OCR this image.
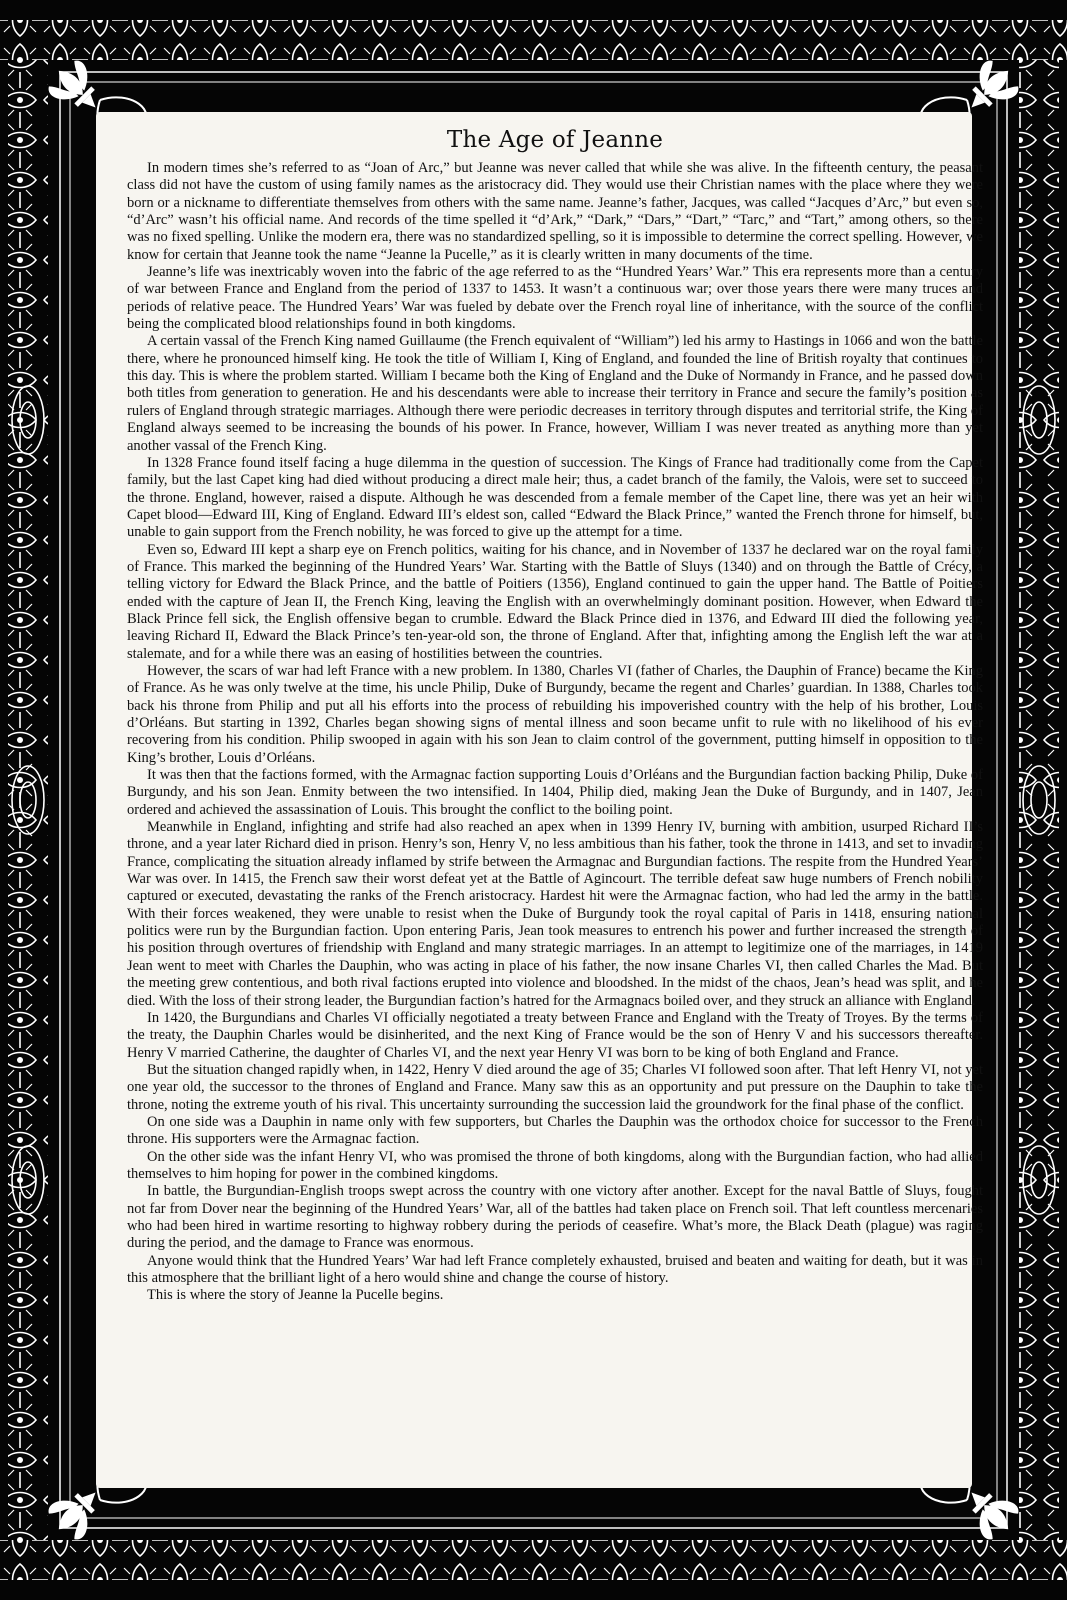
The Age of Jeanne

In modern times she’s referred to as “Joan of Arc,” but Jeanne was never called that while she was alive. In the fifteenth century, the peasant class did not have the custom of using family names as the aristocracy did. They would use their Christian names with the place where they were born or a nickname to differentiate themselves from others with the same name. Jeanne’s father, Jacques, was called “Jacques d’Arc,” but even so, “d’Arc” wasn’t his official name. And records of the time spelled it “d’Ark,” “Dark,” “Dars,” “Dart,” “Tarc,” and “Tart,” among others, so there was no fixed spelling. Unlike the modern era, there was no standardized spelling, so it is impossible to determine the correct spelling. However, we know for certain that Jeanne took the name “Jeanne la Pucelle,” as it is clearly written in many documents of the time.

Jeanne’s life was inextricably woven into the fabric of the age referred to as the “Hundred Years’ War.” This era represents more than a century of war between France and England from the period of 1337 to 1453. It wasn’t a continuous war; over those years there were many truces and periods of relative peace. The Hundred Years’ War was fueled by debate over the French royal line of inheritance, with the source of the conflict being the complicated blood relationships found in both kingdoms.

A certain vassal of the French King named Guillaume (the French equivalent of “William”) led his army to Hastings in 1066 and won the battle there, where he pronounced himself king. He took the title of William I, King of England, and founded the line of British royalty that continues to this day. This is where the problem started. William I became both the King of England and the Duke of Normandy in France, and he passed down both titles from generation to generation. He and his descendants were able to increase their territory in France and secure the family’s position as rulers of England through strategic marriages. Although there were periodic decreases in territory through disputes and territorial strife, the King of England always seemed to be increasing the bounds of his power. In France, however, William I was never treated as anything more than yet another vassal of the French King.

In 1328 France found itself facing a huge dilemma in the question of succession. The Kings of France had traditionally come from the Capet family, but the last Capet king had died without producing a direct male heir; thus, a cadet branch of the family, the Valois, were set to succeed to the throne. England, however, raised a dispute. Although he was descended from a female member of the Capet line, there was yet an heir with Capet blood—Edward III, King of England. Edward III’s eldest son, called “Edward the Black Prince,” wanted the French throne for himself, but, unable to gain support from the French nobility, he was forced to give up the attempt for a time.

Even so, Edward III kept a sharp eye on French politics, waiting for his chance, and in November of 1337 he declared war on the royal family of France. This marked the beginning of the Hundred Years’ War. Starting with the Battle of Sluys (1340) and on through the Battle of Crécy, a telling victory for Edward the Black Prince, and the battle of Poitiers (1356), England continued to gain the upper hand. The Battle of Poitiers ended with the capture of Jean II, the French King, leaving the English with an overwhelmingly dominant position. However, when Edward the Black Prince fell sick, the English offensive began to crumble. Edward the Black Prince died in 1376, and Edward III died the following year, leaving Richard II, Edward the Black Prince’s ten-year-old son, the throne of England. After that, infighting among the English left the war at a stalemate, and for a while there was an easing of hostilities between the countries.

However, the scars of war had left France with a new problem. In 1380, Charles VI (father of Charles, the Dauphin of France) became the King of France. As he was only twelve at the time, his uncle Philip, Duke of Burgundy, became the regent and Charles’ guardian. In 1388, Charles took back his throne from Philip and put all his efforts into the process of rebuilding his impoverished country with the help of his brother, Louis d’Orléans. But starting in 1392, Charles began showing signs of mental illness and soon became unfit to rule with no likelihood of his ever recovering from his condition. Philip swooped in again with his son Jean to claim control of the government, putting himself in opposition to the King’s brother, Louis d’Orléans.

It was then that the factions formed, with the Armagnac faction supporting Louis d’Orléans and the Burgundian faction backing Philip, Duke of Burgundy, and his son Jean. Enmity between the two intensified. In 1404, Philip died, making Jean the Duke of Burgundy, and in 1407, Jean ordered and achieved the assassination of Louis. This brought the conflict to the boiling point.

Meanwhile in England, infighting and strife had also reached an apex when in 1399 Henry IV, burning with ambition, usurped Richard II’s throne, and a year later Richard died in prison. Henry’s son, Henry V, no less ambitious than his father, took the throne in 1413, and set to invading France, complicating the situation already inflamed by strife between the Armagnac and Burgundian factions. The respite from the Hundred Years’ War was over. In 1415, the French saw their worst defeat yet at the Battle of Agincourt. The terrible defeat saw huge numbers of French nobility captured or executed, devastating the ranks of the French aristocracy. Hardest hit were the Armagnac faction, who had led the army in the battle. With their forces weakened, they were unable to resist when the Duke of Burgundy took the royal capital of Paris in 1418, ensuring national politics were run by the Burgundian faction. Upon entering Paris, Jean took measures to entrench his power and further increased the strength of his position through overtures of friendship with England and many strategic marriages. In an attempt to legitimize one of the marriages, in 1419 Jean went to meet with Charles the Dauphin, who was acting in place of his father, the now insane Charles VI, then called Charles the Mad. But the meeting grew contentious, and both rival factions erupted into violence and bloodshed. In the midst of the chaos, Jean’s head was split, and he died. With the loss of their strong leader, the Burgundian faction’s hatred for the Armagnacs boiled over, and they struck an alliance with England.

In 1420, the Burgundians and Charles VI officially negotiated a treaty between France and England with the Treaty of Troyes. By the terms of the treaty, the Dauphin Charles would be disinherited, and the next King of France would be the son of Henry V and his successors thereafter. Henry V married Catherine, the daughter of Charles VI, and the next year Henry VI was born to be king of both England and France.

But the situation changed rapidly when, in 1422, Henry V died around the age of 35; Charles VI followed soon after. That left Henry VI, not yet one year old, the successor to the thrones of England and France. Many saw this as an opportunity and put pressure on the Dauphin to take the throne, noting the extreme youth of his rival. This uncertainty surrounding the succession laid the groundwork for the final phase of the conflict.

On one side was a Dauphin in name only with few supporters, but Charles the Dauphin was the orthodox choice for successor to the French throne. His supporters were the Armagnac faction.

On the other side was the infant Henry VI, who was promised the throne of both kingdoms, along with the Burgundian faction, who had allied themselves to him hoping for power in the combined kingdoms.

In battle, the Burgundian-English troops swept across the country with one victory after another. Except for the naval Battle of Sluys, fought not far from Dover near the beginning of the Hundred Years’ War, all of the battles had taken place on French soil. That left countless mercenaries who had been hired in wartime resorting to highway robbery during the periods of ceasefire. What’s more, the Black Death (plague) was raging during the period, and the damage to France was enormous.

Anyone would think that the Hundred Years’ War had left France completely exhausted, bruised and beaten and waiting for death, but it was in this atmosphere that the brilliant light of a hero would shine and change the course of history.

This is where the story of Jeanne la Pucelle begins.
